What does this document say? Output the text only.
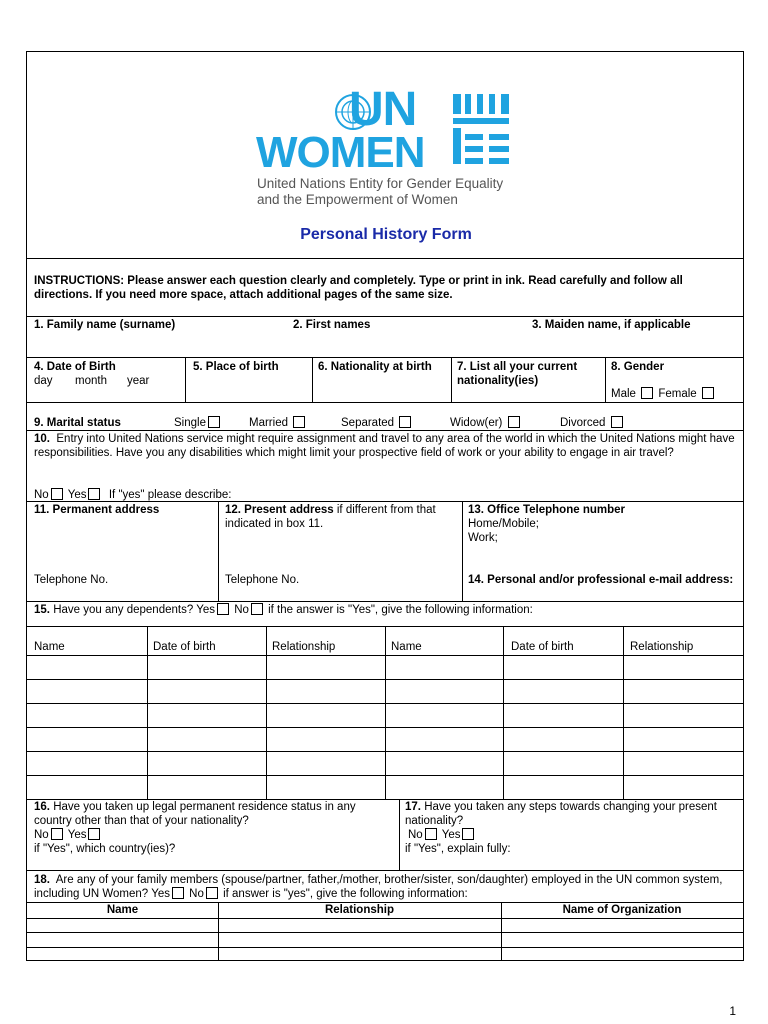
UN
WOMEN
United Nations Entity for Gender Equality
and the Empowerment of Women
Personal History Form
INSTRUCTIONS: Please answer each question clearly and completely. Type or print in ink. Read carefully and follow all directions. If you need more space, attach additional pages of the same size.
1. Family name (surname)	2. First names	3. Maiden name, if applicable
4. Date of Birth
day month year
5. Place of birth	6. Nationality at birth	7. List all your current nationality(ies)
8. Gender
Male Female
9. Marital status	Single	Married	Separated	Widow(er)	Divorced
10. Entry into United Nations service might require assignment and travel to any area of the world in which the United Nations might have responsibilities. Have you any disabilities which might limit your prospective field of work or your ability to engage in air travel?
No Yes If "yes" please describe:
11. Permanent address
Telephone No.
12. Present address if different from that indicated in box 11.
Telephone No.
13. Office Telephone number
Home/Mobile;
Work;
14. Personal and/or professional e-mail address:
15. Have you any dependents? Yes No if the answer is "Yes", give the following information:
Name	Date of birth	Relationship	Name	Date of birth	Relationship
16. Have you taken up legal permanent residence status in any country other than that of your nationality?
No Yes
if "Yes", which country(ies)?
17. Have you taken any steps towards changing your present nationality?
No Yes
if "Yes", explain fully:
18. Are any of your family members (spouse/partner, father,/mother, brother/sister, son/daughter) employed in the UN common system, including UN Women? Yes No if answer is "yes", give the following information:
Name	Relationship	Name of Organization
1
